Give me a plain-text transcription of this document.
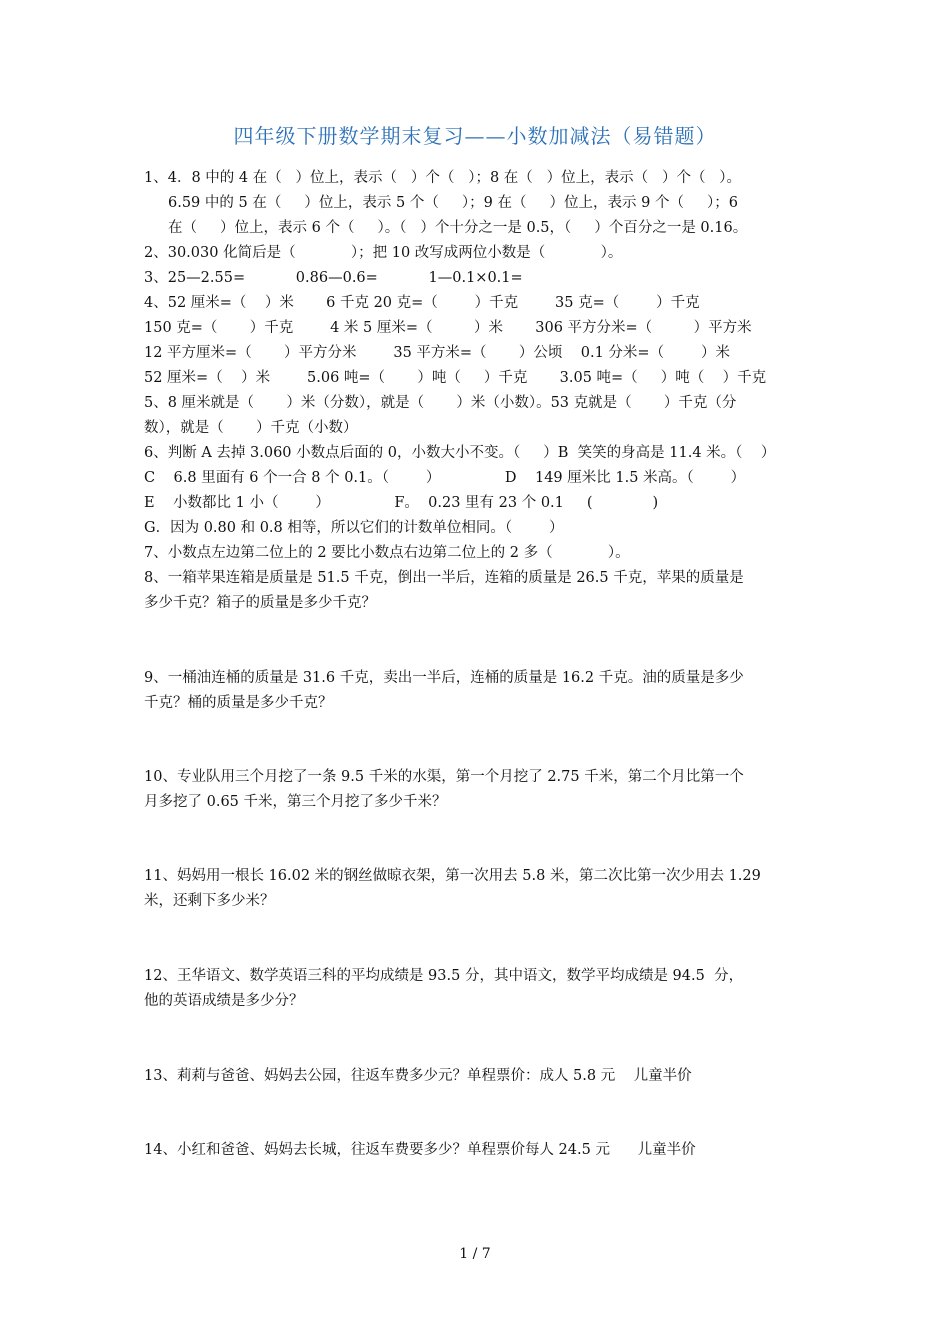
四年级下册数学期末复习——小数加减法（易错题）
1、4．8 中的 4 在（   ）位上，表示（   ）个（   ）；8 在（   ）位上，表示（   ）个（   ）。
6.59 中的 5 在（     ）位上，表示 5 个（     ）；9 在（     ）位上，表示 9 个（     ）；6
在（     ）位上，表示 6 个（     ）。（   ）个十分之一是 0.5，（     ）个百分之一是 0.16。
2、30.030 化简后是（            ）；把 10 改写成两位小数是（            ）。
3、25—2.55=           0.86—0.6=           1—0.1×0.1=
4、52 厘米=（    ）米       6 千克 20 克=（        ）千克        35 克=（        ）千克
150 克=（       ）千克        4 米 5 厘米=（         ）米       306 平方分米=（         ）平方米
12 平方厘米=（       ）平方分米        35 平方米=（       ）公顷    0.1 分米=（        ）米
52 厘米=（    ）米        5.06 吨=（       ）吨（     ）千克       3.05 吨=（     ）吨（    ）千克
5、8 厘米就是（       ）米（分数），就是（       ）米（小数）。53 克就是（       ）千克（分
数），就是（       ）千克（小数）
6、判断 A 去掉 3.060 小数点后面的 0，小数大小不变。（     ）B  笑笑的身高是 11.4 米。（    ）
C    6.8 里面有 6 个一合 8 个 0.1。（        ）              D    149 厘米比 1.5 米高。（        ）
E    小数都比 1 小（        ）              F。  0.23 里有 23 个 0.1     (             )
G．因为 0.80 和 0.8 相等，所以它们的计数单位相同。（        ）
7、小数点左边第二位上的 2 要比小数点右边第二位上的 2 多（            ）。
8、一箱苹果连箱是质量是 51.5 千克，倒出一半后，连箱的质量是 26.5 千克，苹果的质量是
多少千克？箱子的质量是多少千克？
9、一桶油连桶的质量是 31.6 千克，卖出一半后，连桶的质量是 16.2 千克。油的质量是多少
千克？桶的质量是多少千克？
10、专业队用三个月挖了一条 9.5 千米的水渠，第一个月挖了 2.75 千米，第二个月比第一个
月多挖了 0.65 千米，第三个月挖了多少千米？
11、妈妈用一根长 16.02 米的钢丝做晾衣架，第一次用去 5.8 米，第二次比第一次少用去 1.29
米，还剩下多少米？
12、王华语文、数学英语三科的平均成绩是 93.5 分，其中语文，数学平均成绩是 94.5  分，
他的英语成绩是多少分？
13、莉莉与爸爸、妈妈去公园，往返车费多少元？单程票价：成人 5.8 元    儿童半价
14、小红和爸爸、妈妈去长城，往返车费要多少？单程票价每人 24.5 元      儿童半价
1 / 7
